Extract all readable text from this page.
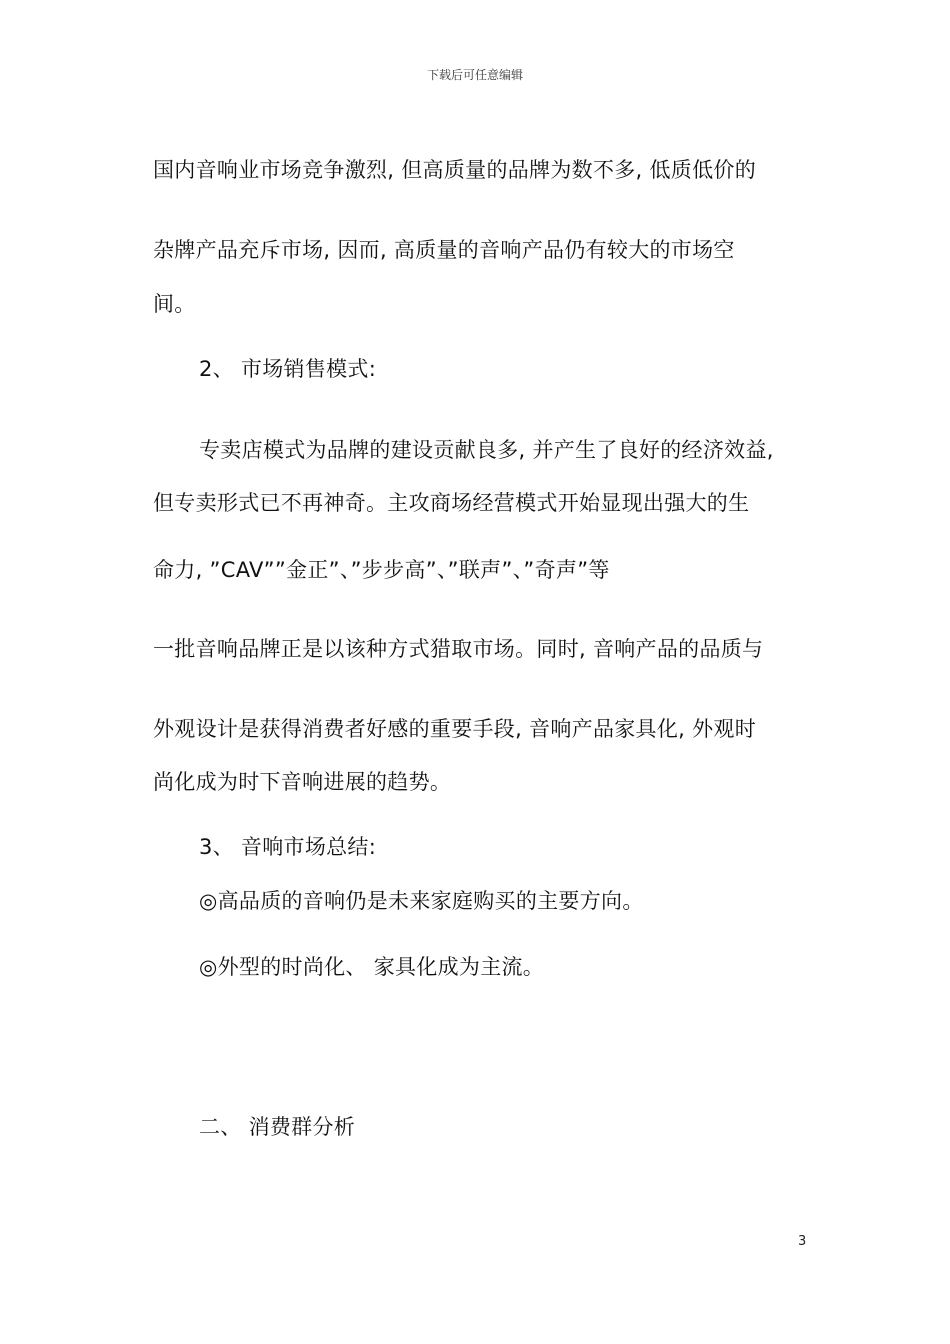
下载后可任意编辑
国内音响业市场竞争激烈, 但高质量的品牌为数不多, 低质低价的
杂牌产品充斥市场, 因而, 高质量的音响产品仍有较大的市场空
间。
2、 市场销售模式:
专卖店模式为品牌的建设贡献良多, 并产生了良好的经济效益,
但专卖形式已不再神奇。主攻商场经营模式开始显现出强大的生
命力, ”CAV””金正”、”步步高”、”联声”、”奇声”等
一批音响品牌正是以该种方式猎取市场。同时, 音响产品的品质与
外观设计是获得消费者好感的重要手段, 音响产品家具化, 外观时
尚化成为时下音响进展的趋势。
3、 音响市场总结:
◎高品质的音响仍是未来家庭购买的主要方向。
◎外型的时尚化、 家具化成为主流。
二、 消费群分析
3
